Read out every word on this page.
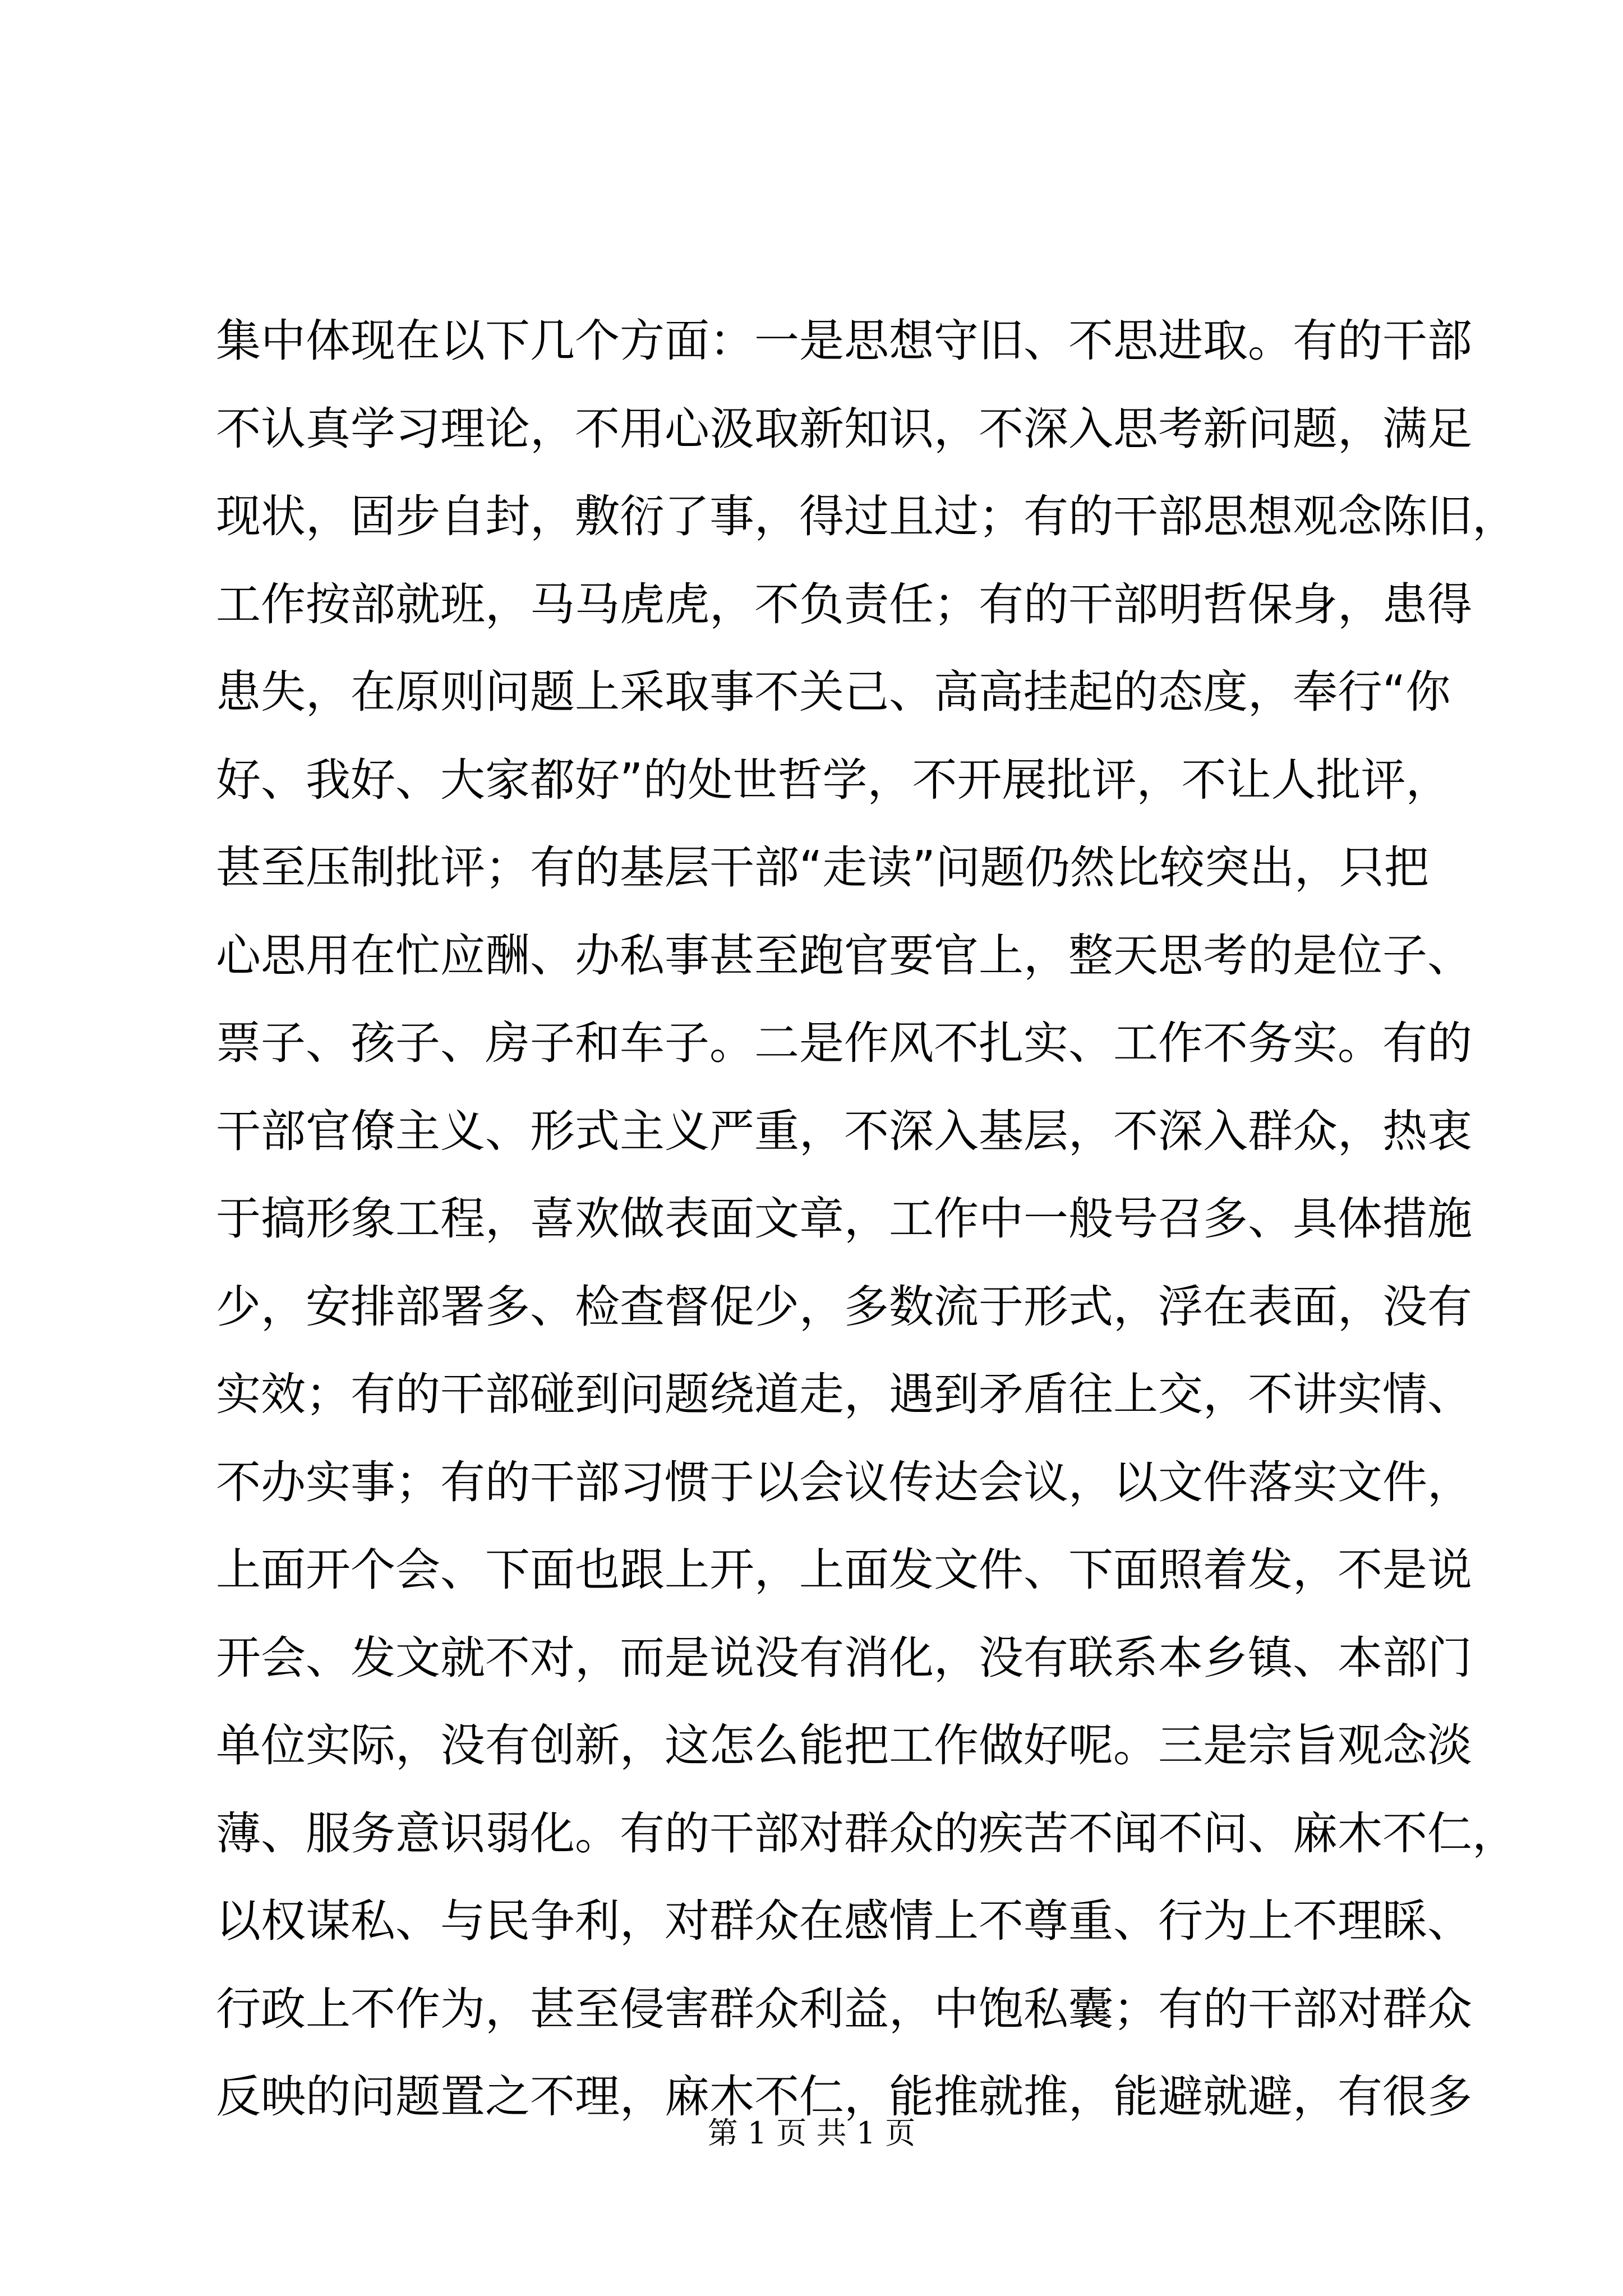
集中体现在以下几个方面：一是思想守旧、不思进取。有的干部
不认真学习理论，不用心汲取新知识，不深入思考新问题，满足
现状，固步自封，敷衍了事，得过且过；有的干部思想观念陈旧，
工作按部就班，马马虎虎，不负责任；有的干部明哲保身，患得
患失，在原则问题上采取事不关己、高高挂起的态度，奉行“你
好、我好、大家都好”的处世哲学，不开展批评，不让人批评，
甚至压制批评；有的基层干部“走读”问题仍然比较突出，只把
心思用在忙应酬、办私事甚至跑官要官上，整天思考的是位子、
票子、孩子、房子和车子。二是作风不扎实、工作不务实。有的
干部官僚主义、形式主义严重，不深入基层，不深入群众，热衷
于搞形象工程，喜欢做表面文章，工作中一般号召多、具体措施
少，安排部署多、检查督促少，多数流于形式，浮在表面，没有
实效；有的干部碰到问题绕道走，遇到矛盾往上交，不讲实情、
不办实事；有的干部习惯于以会议传达会议，以文件落实文件，
上面开个会、下面也跟上开，上面发文件、下面照着发，不是说
开会、发文就不对，而是说没有消化，没有联系本乡镇、本部门
单位实际，没有创新，这怎么能把工作做好呢。三是宗旨观念淡
薄、服务意识弱化。有的干部对群众的疾苦不闻不问、麻木不仁，
以权谋私、与民争利，对群众在感情上不尊重、行为上不理睬、
行政上不作为，甚至侵害群众利益，中饱私囊；有的干部对群众
反映的问题置之不理，麻木不仁，能推就推，能避就避，有很多
第 1 页 共 1 页
